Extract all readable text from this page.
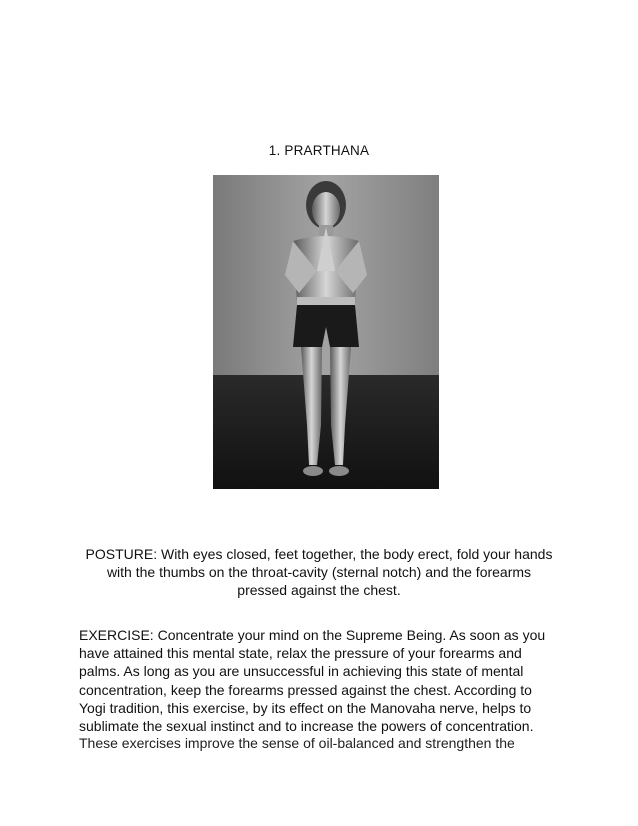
1. PRARTHANA
POSTURE: With eyes closed, feet together, the body erect, fold your hands with the thumbs on the throat-cavity (sternal notch) and the forearms pressed against the chest.
EXERCISE: Concentrate your mind on the Supreme Being. As soon as you have attained this mental state, relax the pressure of your forearms and palms. As long as you are unsuccessful in achieving this state of mental concentration, keep the forearms pressed against the chest. According to Yogi tradition, this exercise, by its effect on the Manovaha nerve, helps to sublimate the sexual instinct and to increase the powers of concentration.
These exercises improve the sense of oil-balanced and strengthen the
